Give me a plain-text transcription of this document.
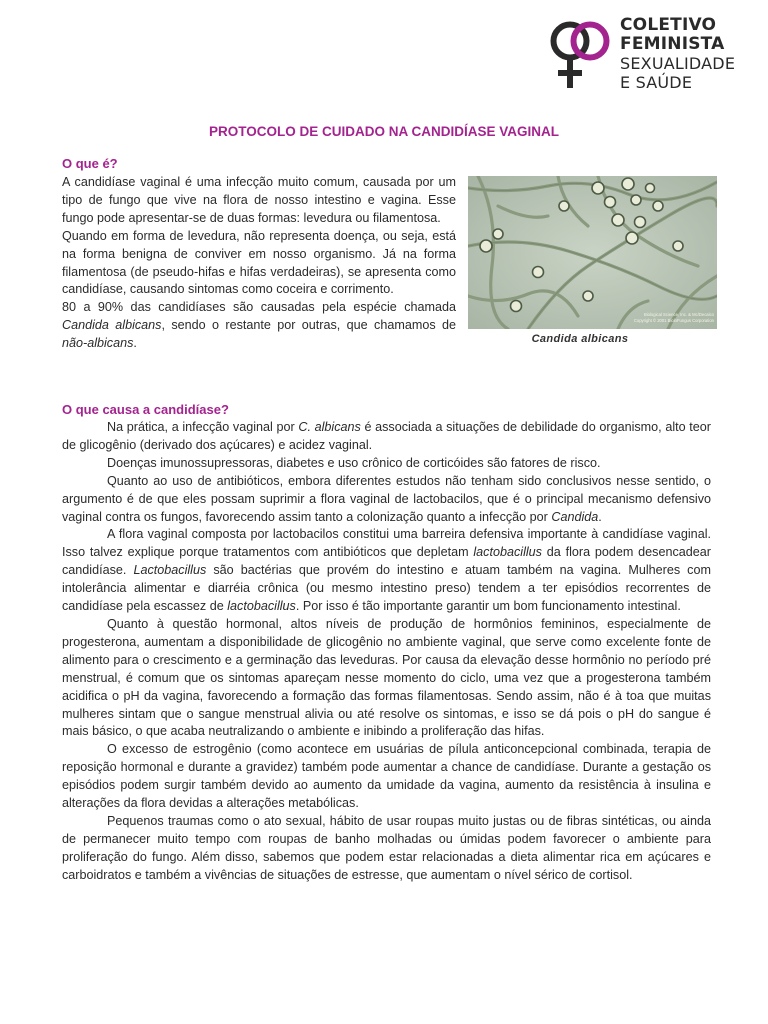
COLETIVO
FEMINISTA
SEXUALIDADE
E SAÚDE
PROTOCOLO DE CUIDADO NA CANDIDÍASE VAGINAL
O que é?

A candidíase vaginal é uma infecção muito comum, causada por um tipo de fungo que vive na flora de nosso intestino e vagina. Esse fungo pode apresentar-se de duas formas: levedura ou filamentosa.

Quando em forma de levedura, não representa doença, ou seja, está na forma benigna de conviver em nosso organismo. Já na forma filamentosa (de pseudo-hifas e hifas verdadeiras), se apresenta como candidíase, causando sintomas como coceira e corrimento.

80 a 90% das candidíases são causadas pela espécie chamada Candida albicans, sendo o restante por outras, que chamamos de não-albicans.

Biological Science, Inc. & Mc/Decalco
Copyright © 2001 BioloFungus Corporation
Candida albicans
O que causa a candidíase?

Na prática, a infecção vaginal por C. albicans é associada a situações de debilidade do organismo, alto teor de glicogênio (derivado dos açúcares) e acidez vaginal.

Doenças imunossupressoras, diabetes e uso crônico de corticóides são fatores de risco.

Quanto ao uso de antibióticos, embora diferentes estudos não tenham sido conclusivos nesse sentido, o argumento é de que eles possam suprimir a flora vaginal de lactobacilos, que é o principal mecanismo defensivo vaginal contra os fungos, favorecendo assim tanto a colonização quanto a infecção por Candida.

A flora vaginal composta por lactobacilos constitui uma barreira defensiva importante à candidíase vaginal. Isso talvez explique porque tratamentos com antibióticos que depletam lactobacillus da flora podem desencadear candidíase. Lactobacillus são bactérias que provém do intestino e atuam também na vagina. Mulheres com intolerância alimentar e diarréia crônica (ou mesmo intestino preso) tendem a ter episódios recorrentes de candidíase pela escassez de lactobacillus. Por isso é tão importante garantir um bom funcionamento intestinal.

Quanto à questão hormonal, altos níveis de produção de hormônios femininos, especialmente de progesterona, aumentam a disponibilidade de glicogênio no ambiente vaginal, que serve como excelente fonte de alimento para o crescimento e a germinação das leveduras. Por causa da elevação desse hormônio no período pré menstrual, é comum que os sintomas apareçam nesse momento do ciclo, uma vez que a progesterona também acidifica o pH da vagina, favorecendo a formação das formas filamentosas. Sendo assim, não é à toa que muitas mulheres sintam que o sangue menstrual alivia ou até resolve os sintomas, e isso se dá pois o pH do sangue é mais básico, o que acaba neutralizando o ambiente e inibindo a proliferação das hifas.

O excesso de estrogênio (como acontece em usuárias de pílula anticoncepcional combinada, terapia de reposição hormonal e durante a gravidez) também pode aumentar a chance de candidíase. Durante a gestação os episódios podem surgir também devido ao aumento da umidade da vagina, aumento da resistência à insulina e alterações da flora devidas a alterações metabólicas.

Pequenos traumas como o ato sexual, hábito de usar roupas muito justas ou de fibras sintéticas, ou ainda de permanecer muito tempo com roupas de banho molhadas ou úmidas podem favorecer o ambiente para proliferação do fungo. Além disso, sabemos que podem estar relacionadas a dieta alimentar rica em açúcares e carboidratos e também a vivências de situações de estresse, que aumentam o nível sérico de cortisol.
